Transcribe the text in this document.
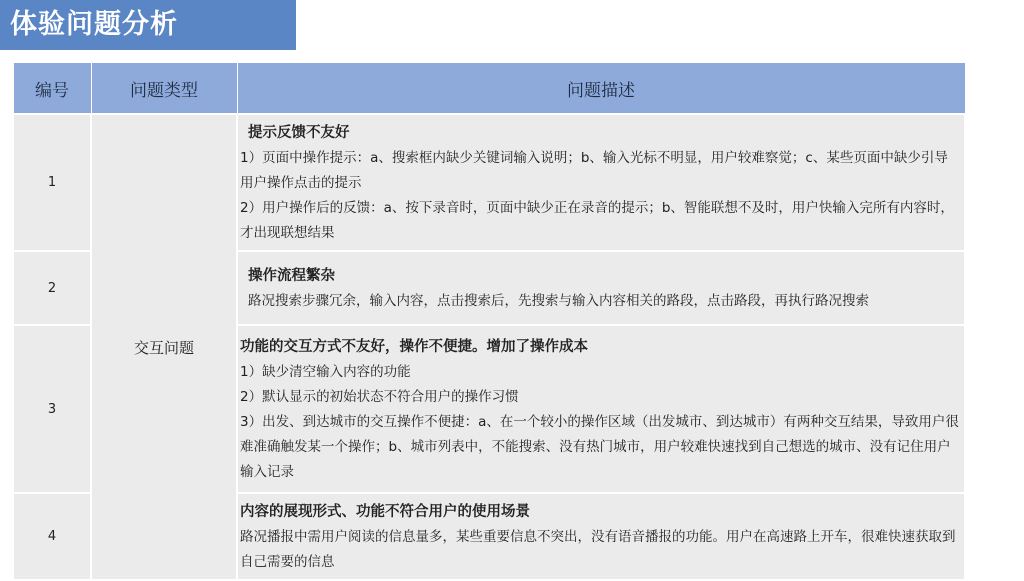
体验问题分析
编号	问题类型	问题描述
1	交互问题	提示反馈不友好
1）页面中操作提示：a、搜索框内缺少关键词输入说明；b、输入光标不明显，用户较难察觉；c、某些页面中缺少引导用户操作点击的提示
2）用户操作后的反馈：a、按下录音时，页面中缺少正在录音的提示；b、智能联想不及时，用户快输入完所有内容时，才出现联想结果

2		操作流程繁杂
路况搜索步骤冗余，输入内容，点击搜索后，先搜索与输入内容相关的路段，点击路段，再执行路况搜索

3		功能的交互方式不友好，操作不便捷。增加了操作成本
1）缺少清空输入内容的功能
2）默认显示的初始状态不符合用户的操作习惯
3）出发、到达城市的交互操作不便捷：a、在一个较小的操作区域（出发城市、到达城市）有两种交互结果，导致用户很难准确触发某一个操作；b、城市列表中，不能搜索、没有热门城市，用户较难快速找到自己想选的城市、没有记住用户输入记录

4		内容的展现形式、功能不符合用户的使用场景
路况播报中需用户阅读的信息量多，某些重要信息不突出，没有语音播报的功能。用户在高速路上开车，很难快速获取到自己需要的信息
